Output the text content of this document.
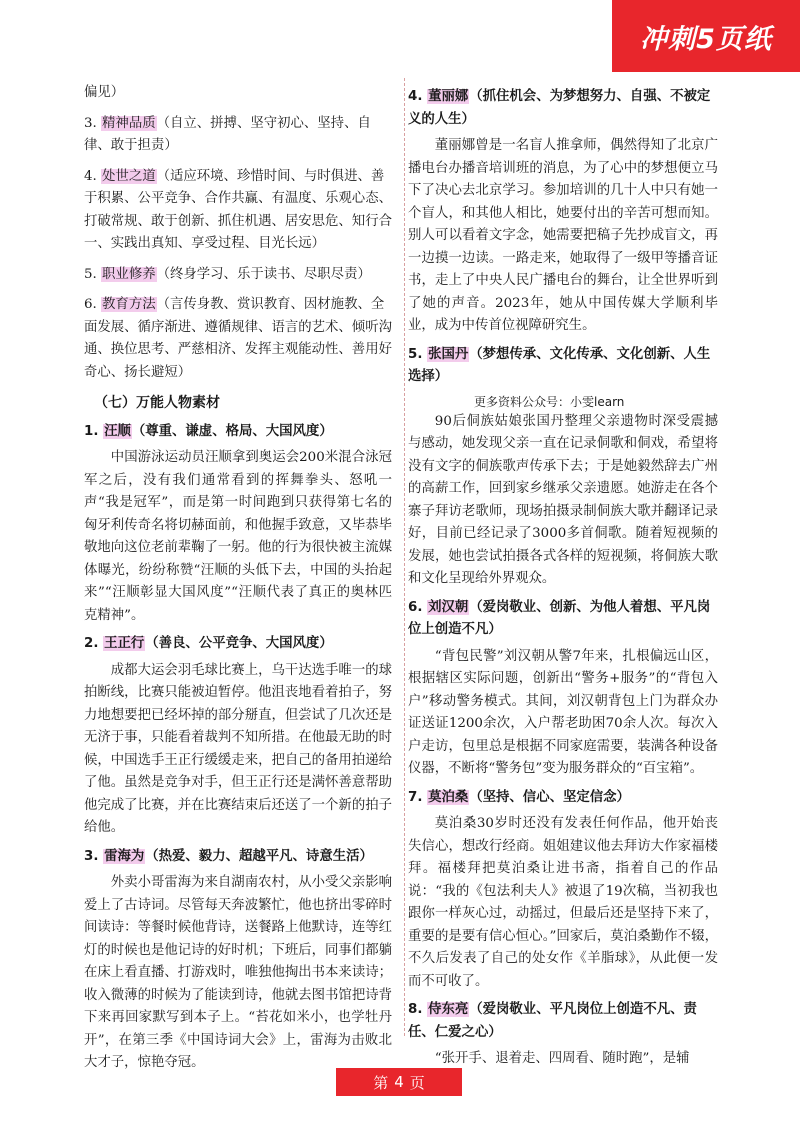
冲刺5页纸

偏见）

3. 精神品质（自立、拼搏、坚守初心、坚持、自律、敢于担责）

4. 处世之道（适应环境、珍惜时间、与时俱进、善于积累、公平竞争、合作共赢、有温度、乐观心态、打破常规、敢于创新、抓住机遇、居安思危、知行合一、实践出真知、享受过程、目光长远）

5. 职业修养（终身学习、乐于读书、尽职尽责）

6. 教育方法（言传身教、赏识教育、因材施教、全面发展、循序渐进、遵循规律、语言的艺术、倾听沟通、换位思考、严慈相济、发挥主观能动性、善用好奇心、扬长避短）

（七）万能人物素材

1. 汪顺（尊重、谦虚、格局、大国风度）

中国游泳运动员汪顺拿到奥运会200米混合泳冠军之后，没有我们通常看到的挥舞拳头、怒吼一声“我是冠军”，而是第一时间跑到只获得第七名的匈牙利传奇名将切赫面前，和他握手致意，又毕恭毕敬地向这位老前辈鞠了一躬。他的行为很快被主流媒体曝光，纷纷称赞“汪顺的头低下去，中国的头抬起来”“汪顺彰显大国风度”“汪顺代表了真正的奥林匹克精神”。

2. 王正行（善良、公平竞争、大国风度）

成都大运会羽毛球比赛上，乌干达选手唯一的球拍断线，比赛只能被迫暂停。他沮丧地看着拍子，努力地想要把已经坏掉的部分掰直，但尝试了几次还是无济于事，只能看着裁判不知所措。在他最无助的时候，中国选手王正行缓缓走来，把自己的备用拍递给了他。虽然是竞争对手，但王正行还是满怀善意帮助他完成了比赛，并在比赛结束后还送了一个新的拍子给他。

3. 雷海为（热爱、毅力、超越平凡、诗意生活）

外卖小哥雷海为来自湖南农村，从小受父亲影响爱上了古诗词。尽管每天奔波繁忙，他也挤出零碎时间读诗：等餐时候他背诗，送餐路上他默诗，连等红灯的时候也是他记诗的好时机；下班后，同事们都躺在床上看直播、打游戏时，唯独他掏出书本来读诗；收入微薄的时候为了能读到诗，他就去图书馆把诗背下来再回家默写到本子上。“苔花如米小，也学牡丹开”，在第三季《中国诗词大会》上，雷海为击败北大才子，惊艳夺冠。

4. 董丽娜（抓住机会、为梦想努力、自强、不被定义的人生）

董丽娜曾是一名盲人推拿师，偶然得知了北京广播电台办播音培训班的消息，为了心中的梦想便立马下了决心去北京学习。参加培训的几十人中只有她一个盲人，和其他人相比，她要付出的辛苦可想而知。别人可以看着文字念，她需要把稿子先抄成盲文，再一边摸一边读。一路走来，她取得了一级甲等播音证书，走上了中央人民广播电台的舞台，让全世界听到了她的声音。2023年，她从中国传媒大学顺利毕业，成为中传首位视障研究生。

5. 张国丹（梦想传承、文化传承、文化创新、人生选择）

更多资料公众号：小雯learn

90后侗族姑娘张国丹整理父亲遗物时深受震撼与感动，她发现父亲一直在记录侗歌和侗戏，希望将没有文字的侗族歌声传承下去；于是她毅然辞去广州的高薪工作，回到家乡继承父亲遗愿。她游走在各个寨子拜访老歌师，现场拍摄录制侗族大歌并翻译记录好，目前已经记录了3000多首侗歌。随着短视频的发展，她也尝试拍摄各式各样的短视频，将侗族大歌和文化呈现给外界观众。

6. 刘汉朝（爱岗敬业、创新、为他人着想、平凡岗位上创造不凡）

“背包民警”刘汉朝从警7年来，扎根偏远山区，根据辖区实际问题，创新出“警务+服务”的“背包入户”移动警务模式。其间，刘汉朝背包上门为群众办证送证1200余次，入户帮老助困70余人次。每次入户走访，包里总是根据不同家庭需要，装满各种设备仪器，不断将“警务包”变为服务群众的“百宝箱”。

7. 莫泊桑（坚持、信心、坚定信念）

莫泊桑30岁时还没有发表任何作品，他开始丧失信心，想改行经商。姐姐建议他去拜访大作家福楼拜。福楼拜把莫泊桑让进书斋，指着自己的作品说：“我的《包法利夫人》被退了19次稿，当初我也跟你一样灰心过，动摇过，但最后还是坚持下来了，重要的是要有信心恒心。”回家后，莫泊桑勤作不辍，不久后发表了自己的处女作《羊脂球》，从此便一发而不可收了。

8. 侍东亮（爱岗敬业、平凡岗位上创造不凡、责任、仁爱之心）

“张开手、退着走、四周看、随时跑”，是辅

第 4 页
